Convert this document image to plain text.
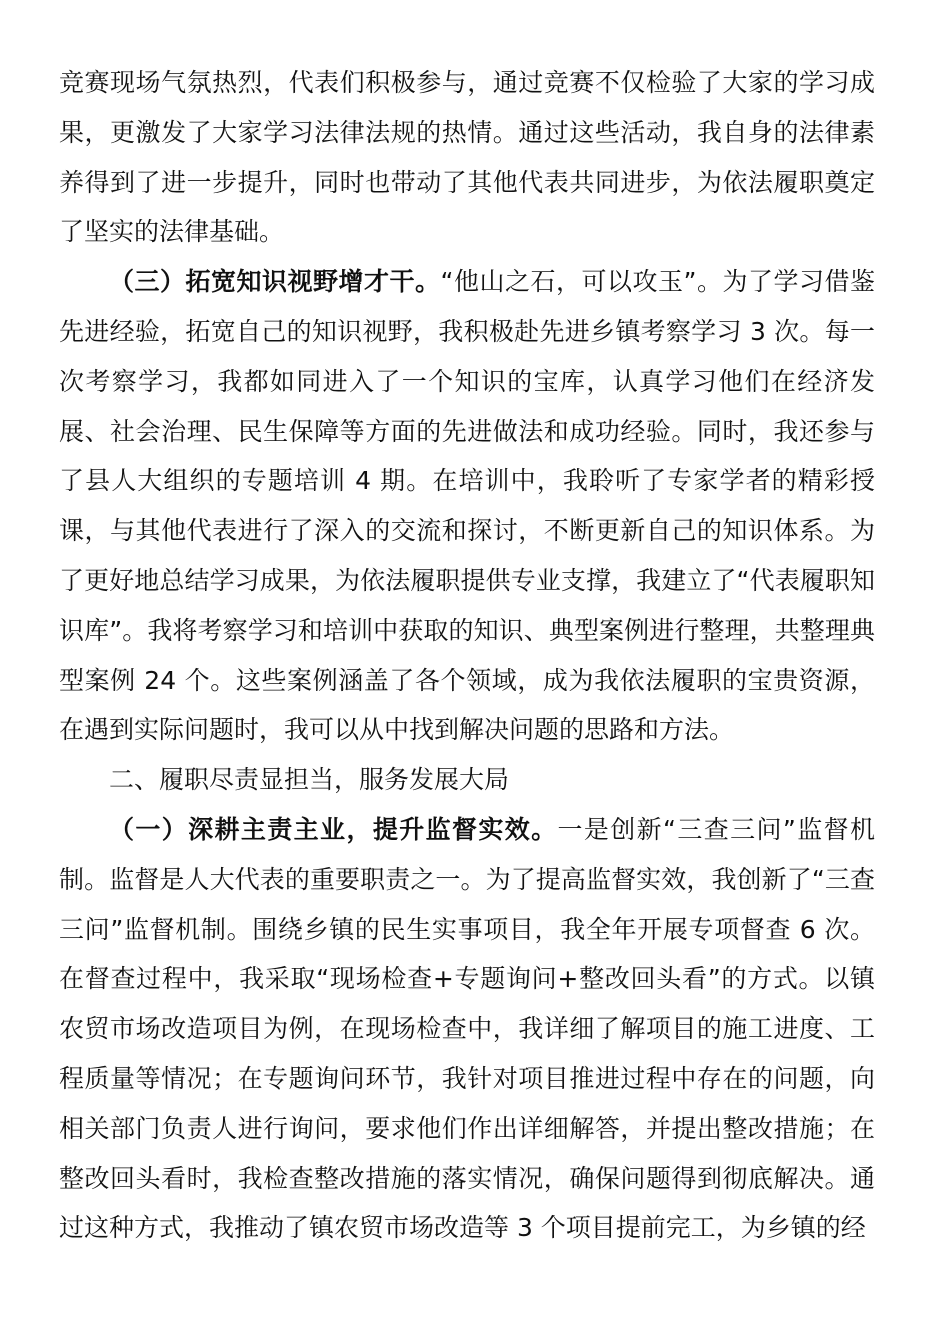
竞赛现场气氛热烈，代表们积极参与，通过竞赛不仅检验了大家的学习成果，更激发了大家学习法律法规的热情。通过这些活动，我自身的法律素养得到了进一步提升，同时也带动了其他代表共同进步，为依法履职奠定了坚实的法律基础。

（三）拓宽知识视野增才干。“他山之石，可以攻玉”。为了学习借鉴先进经验，拓宽自己的知识视野，我积极赴先进乡镇考察学习 3 次。每一次考察学习，我都如同进入了一个知识的宝库，认真学习他们在经济发展、社会治理、民生保障等方面的先进做法和成功经验。同时，我还参与了县人大组织的专题培训 4 期。在培训中，我聆听了专家学者的精彩授课，与其他代表进行了深入的交流和探讨，不断更新自己的知识体系。为了更好地总结学习成果，为依法履职提供专业支撑，我建立了“代表履职知识库”。我将考察学习和培训中获取的知识、典型案例进行整理，共整理典型案例 24 个。这些案例涵盖了各个领域，成为我依法履职的宝贵资源，在遇到实际问题时，我可以从中找到解决问题的思路和方法。

二、履职尽责显担当，服务发展大局

（一）深耕主责主业，提升监督实效。一是创新“三查三问”监督机制。监督是人大代表的重要职责之一。为了提高监督实效，我创新了“三查三问”监督机制。围绕乡镇的民生实事项目，我全年开展专项督查 6 次。在督查过程中，我采取“现场检查+专题询问+整改回头看”的方式。以镇农贸市场改造项目为例，在现场检查中，我详细了解项目的施工进度、工程质量等情况；在专题询问环节，我针对项目推进过程中存在的问题，向相关部门负责人进行询问，要求他们作出详细解答，并提出整改措施；在整改回头看时，我检查整改措施的落实情况，确保问题得到彻底解决。通过这种方式，我推动了镇农贸市场改造等 3 个项目提前完工，为乡镇的经
